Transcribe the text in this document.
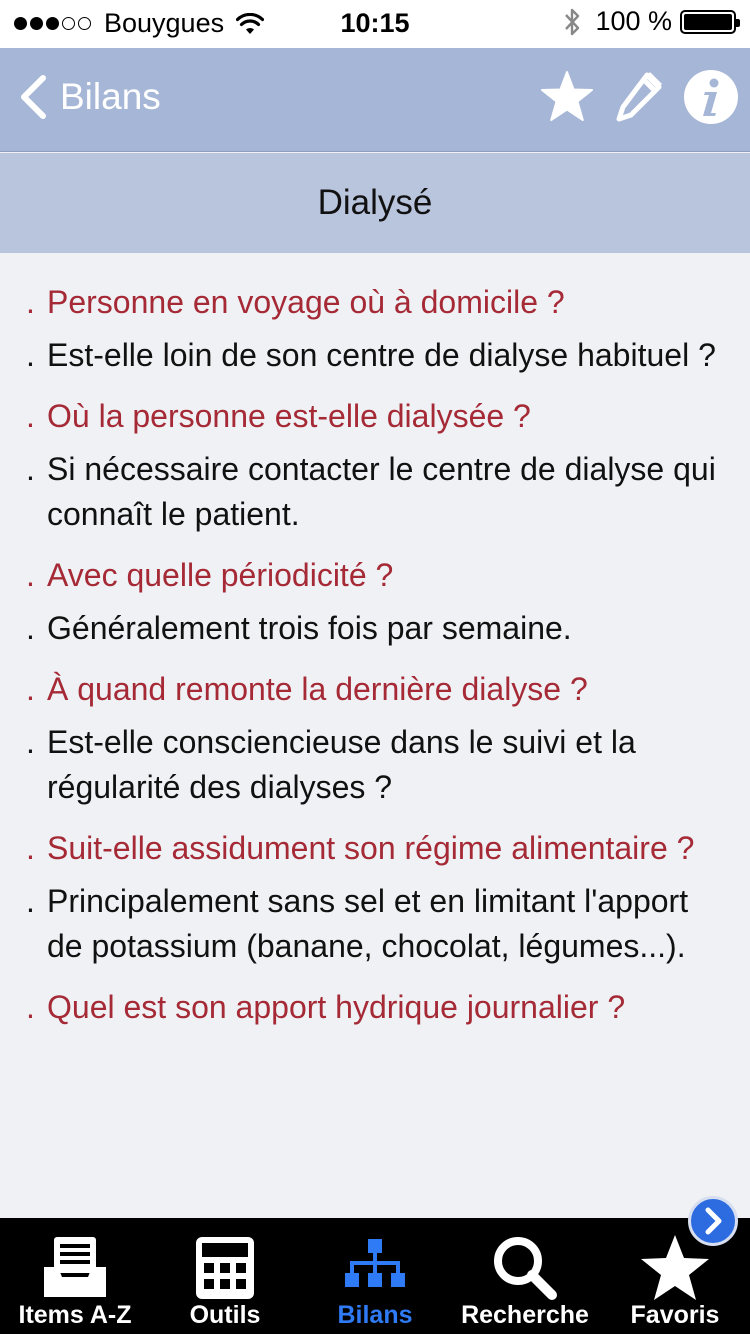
Bouygues	10:15	100 %
Bilans
Dialysé
. Personne en voyage où à domicile ?
. Est-elle loin de son centre de dialyse habituel ?
. Où la personne est-elle dialysée ?
. Si nécessaire contacter le centre de dialyse qui connaît le patient.
. Avec quelle périodicité ?
. Généralement trois fois par semaine.
. À quand remonte la dernière dialyse ?
. Est-elle consciencieuse dans le suivi et la régularité des dialyses ?
. Suit-elle assidument son régime alimentaire ?
. Principalement sans sel et en limitant l'apport de potassium (banane, chocolat, légumes...).
. Quel est son apport hydrique journalier ?
Items A-Z	Outils	Bilans	Recherche	Favoris
